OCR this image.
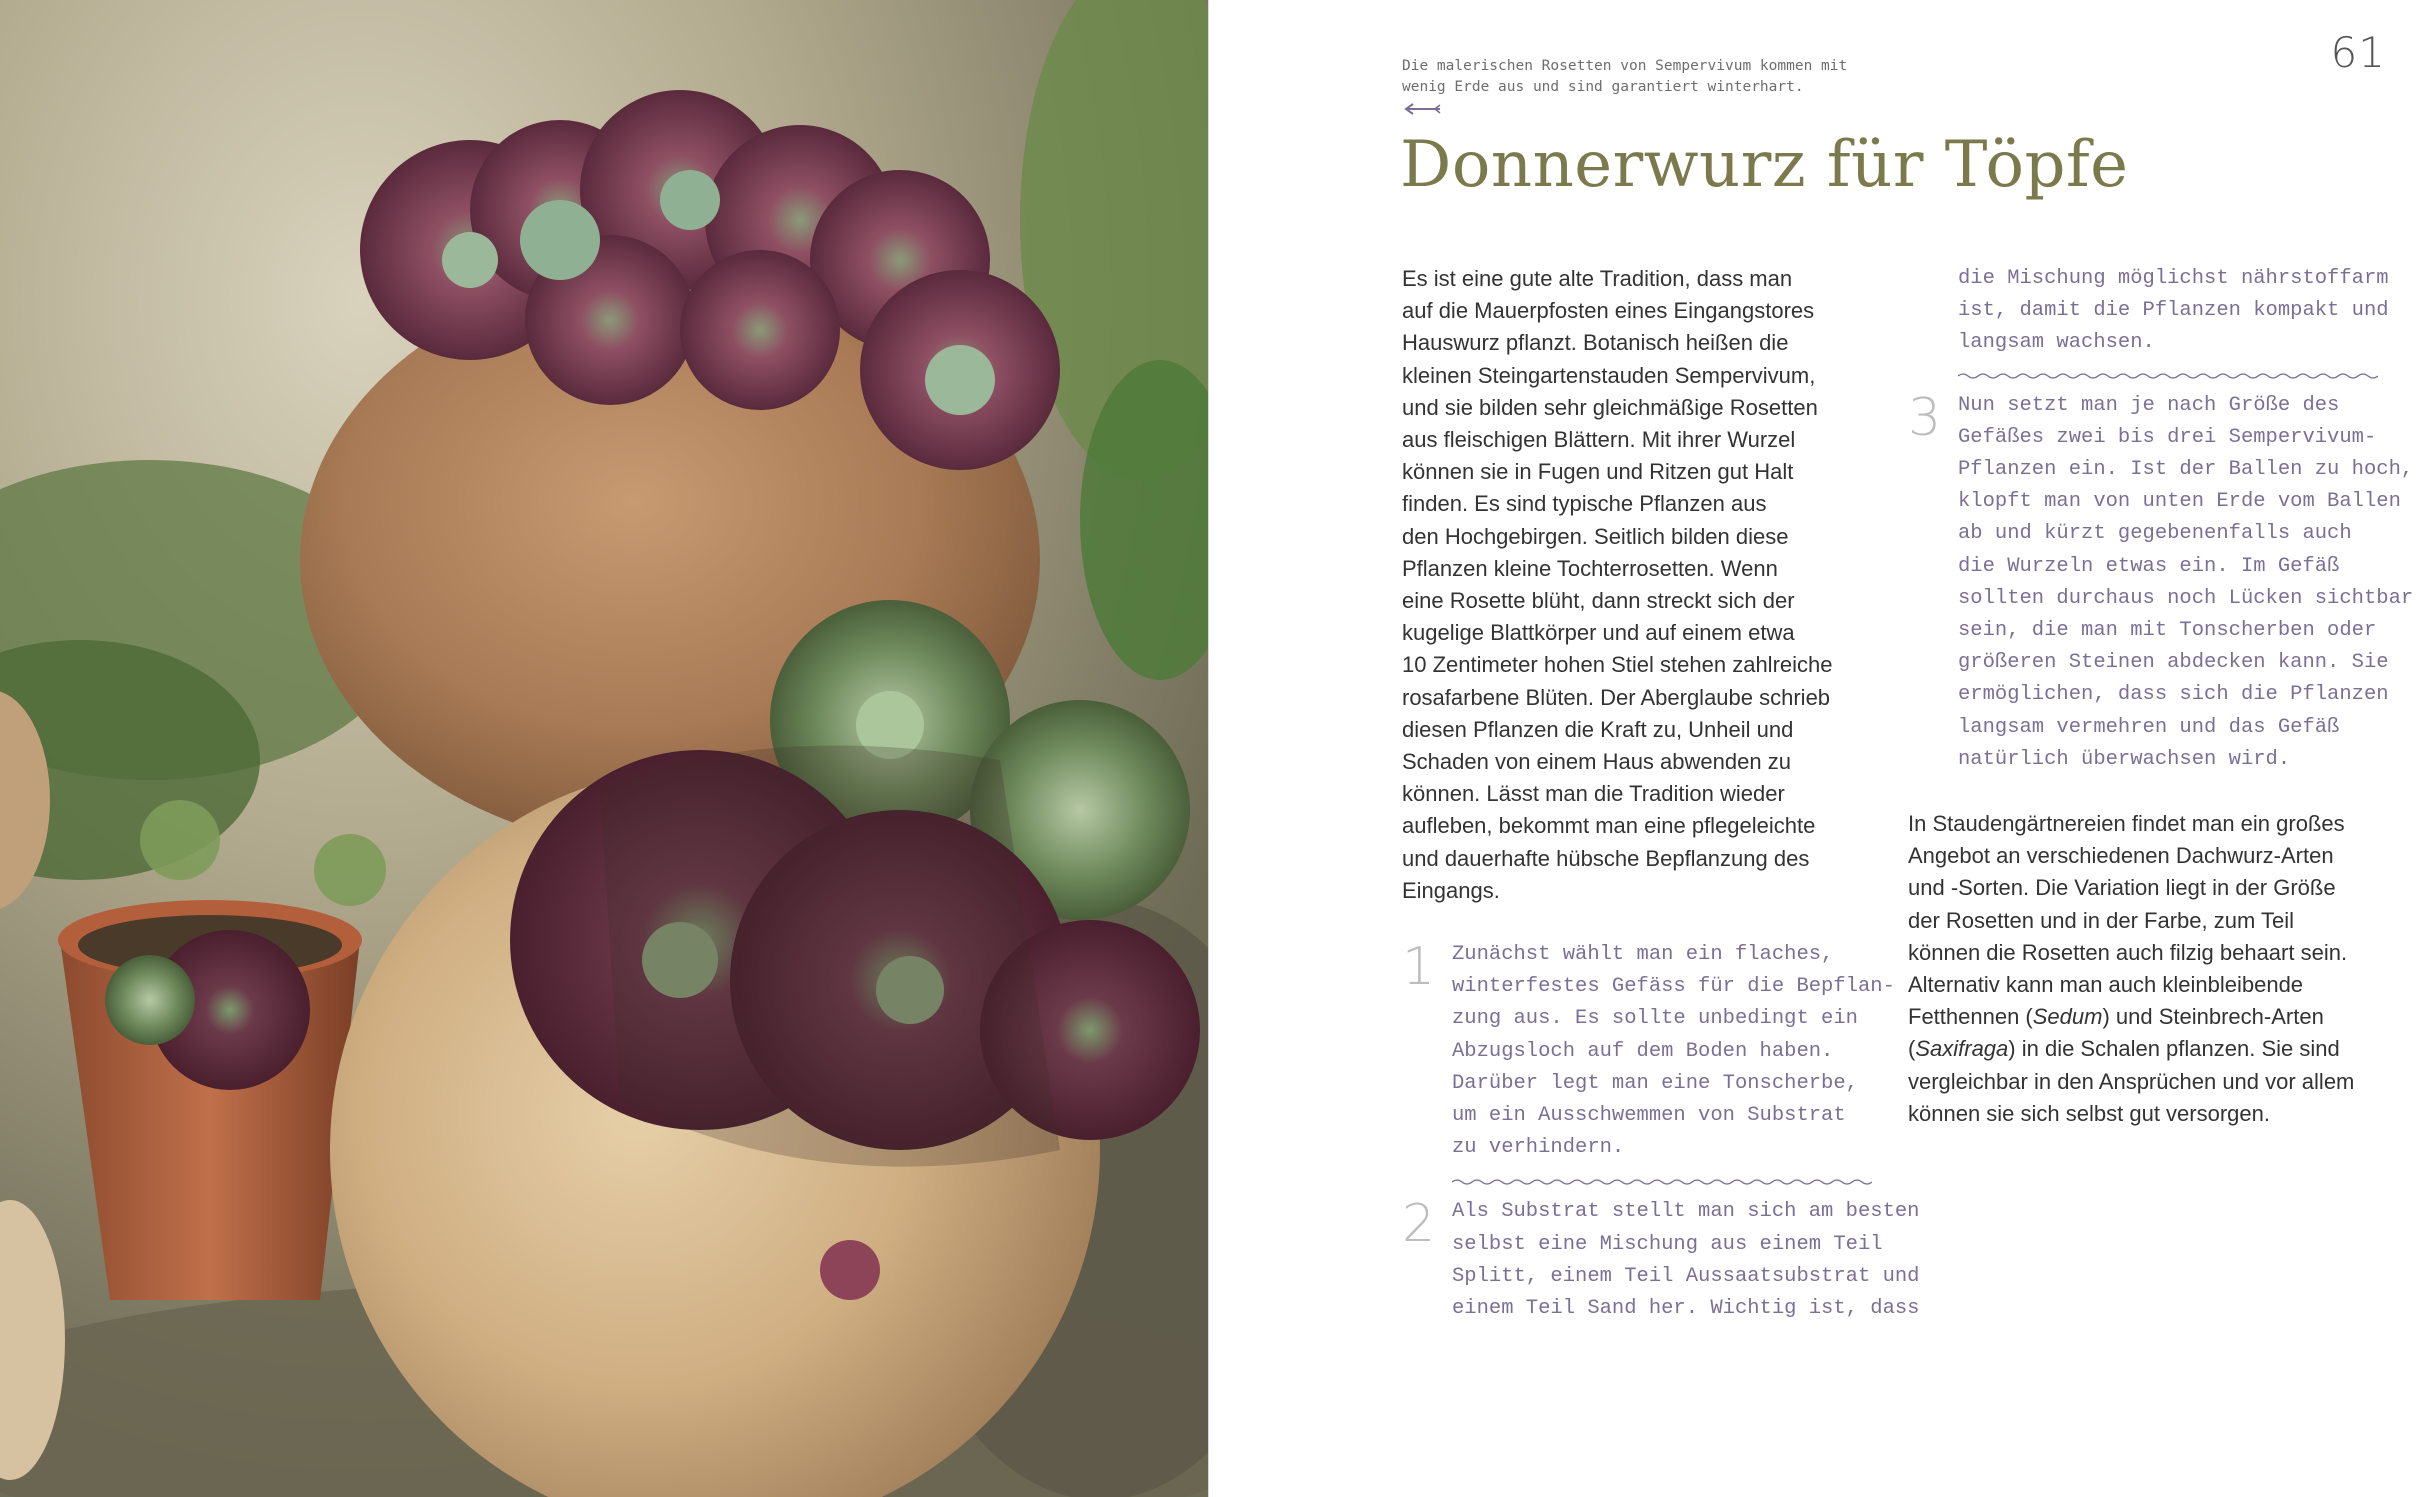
61
Die malerischen Rosetten von Sempervivum kommen mit
wenig Erde aus und sind garantiert winterhart.
Donnerwurz für Töpfe

Es ist eine gute alte Tradition, dass man
auf die Mauerpfosten eines Eingangstores
Hauswurz pflanzt. Botanisch heißen die
kleinen Steingartenstauden Sempervivum,
und sie bilden sehr gleichmäßige Rosetten
aus fleischigen Blättern. Mit ihrer Wurzel
können sie in Fugen und Ritzen gut Halt
finden. Es sind typische Pflanzen aus
den Hochgebirgen. Seitlich bilden diese
Pflanzen kleine Tochterrosetten. Wenn
eine Rosette blüht, dann streckt sich der
kugelige Blattkörper und auf einem etwa
10 Zentimeter hohen Stiel stehen zahlreiche
rosafarbene Blüten. Der Aberglaube schrieb
diesen Pflanzen die Kraft zu, Unheil und
Schaden von einem Haus abwenden zu
können. Lässt man die Tradition wieder
aufleben, bekommt man eine pflegeleichte
und dauerhafte hübsche Bepflanzung des
Eingangs.

1 Zunächst wählt man ein flaches,
winterfestes Gefäss für die Bepflan-
zung aus. Es sollte unbedingt ein
Abzugsloch auf dem Boden haben.
Darüber legt man eine Tonscherbe,
um ein Ausschwemmen von Substrat
zu verhindern.
2 Als Substrat stellt man sich am besten
selbst eine Mischung aus einem Teil
Splitt, einem Teil Aussaatsubstrat und
einem Teil Sand her. Wichtig ist, dass
die Mischung möglichst nährstoffarm
ist, damit die Pflanzen kompakt und
langsam wachsen.
3 Nun setzt man je nach Größe des
Gefäßes zwei bis drei Sempervivum-
Pflanzen ein. Ist der Ballen zu hoch,
klopft man von unten Erde vom Ballen
ab und kürzt gegebenenfalls auch
die Wurzeln etwas ein. Im Gefäß
sollten durchaus noch Lücken sichtbar
sein, die man mit Tonscherben oder
größeren Steinen abdecken kann. Sie
ermöglichen, dass sich die Pflanzen
langsam vermehren und das Gefäß
natürlich überwachsen wird.

In Staudengärtnereien findet man ein großes
Angebot an verschiedenen Dachwurz-Arten
und -Sorten. Die Variation liegt in der Größe
der Rosetten und in der Farbe, zum Teil
können die Rosetten auch filzig behaart sein.
Alternativ kann man auch kleinbleibende
Fetthennen (Sedum) und Steinbrech-Arten
(Saxifraga) in die Schalen pflanzen. Sie sind
vergleichbar in den Ansprüchen und vor allem
können sie sich selbst gut versorgen.
